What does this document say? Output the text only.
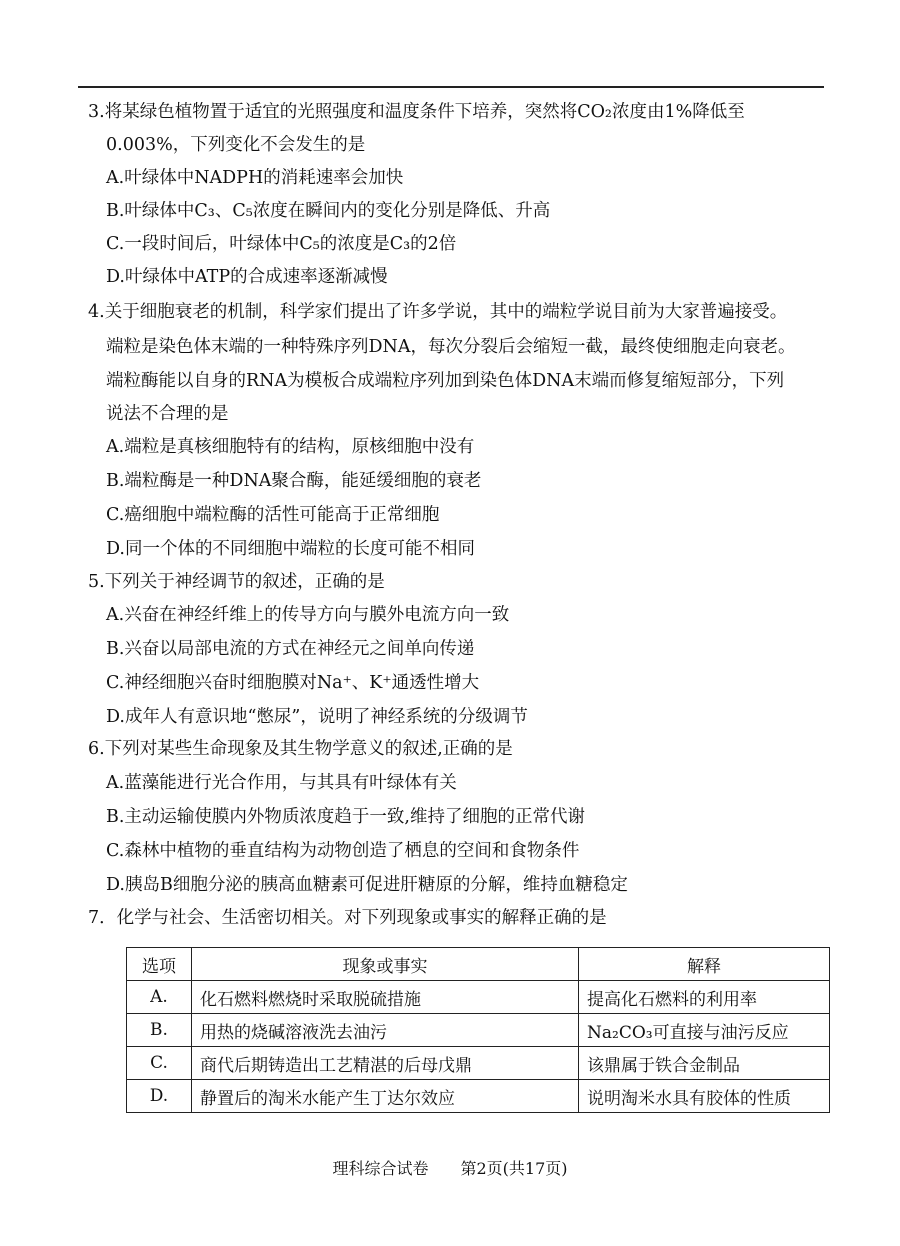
3.将某绿色植物置于适宜的光照强度和温度条件下培养，突然将CO₂浓度由1%降低至
0.003%，下列变化不会发生的是
A.叶绿体中NADPH的消耗速率会加快
B.叶绿体中C₃、C₅浓度在瞬间内的变化分别是降低、升高
C.一段时间后，叶绿体中C₅的浓度是C₃的2倍
D.叶绿体中ATP的合成速率逐渐减慢
4.关于细胞衰老的机制，科学家们提出了许多学说，其中的端粒学说目前为大家普遍接受。
端粒是染色体末端的一种特殊序列DNA，每次分裂后会缩短一截，最终使细胞走向衰老。
端粒酶能以自身的RNA为模板合成端粒序列加到染色体DNA末端而修复缩短部分，下列
说法不合理的是
A.端粒是真核细胞特有的结构，原核细胞中没有
B.端粒酶是一种DNA聚合酶，能延缓细胞的衰老
C.癌细胞中端粒酶的活性可能高于正常细胞
D.同一个体的不同细胞中端粒的长度可能不相同
5.下列关于神经调节的叙述，正确的是
A.兴奋在神经纤维上的传导方向与膜外电流方向一致
B.兴奋以局部电流的方式在神经元之间单向传递
C.神经细胞兴奋时细胞膜对Na⁺、K⁺通透性增大
D.成年人有意识地“憋尿”，说明了神经系统的分级调节
6.下列对某些生命现象及其生物学意义的叙述,正确的是
A.蓝藻能进行光合作用，与其具有叶绿体有关
B.主动运输使膜内外物质浓度趋于一致,维持了细胞的正常代谢
C.森林中植物的垂直结构为动物创造了栖息的空间和食物条件
D.胰岛B细胞分泌的胰高血糖素可促进肝糖原的分解，维持血糖稳定
7．化学与社会、生活密切相关。对下列现象或事实的解释正确的是
选项	现象或事实	解释
A.	化石燃料燃烧时采取脱硫措施	提高化石燃料的利用率
B.	用热的烧碱溶液洗去油污	Na₂CO₃可直接与油污反应
C.	商代后期铸造出工艺精湛的后母戊鼎	该鼎属于铁合金制品
D.	静置后的淘米水能产生丁达尔效应	说明淘米水具有胶体的性质
理科综合试卷　　第2页(共17页)
